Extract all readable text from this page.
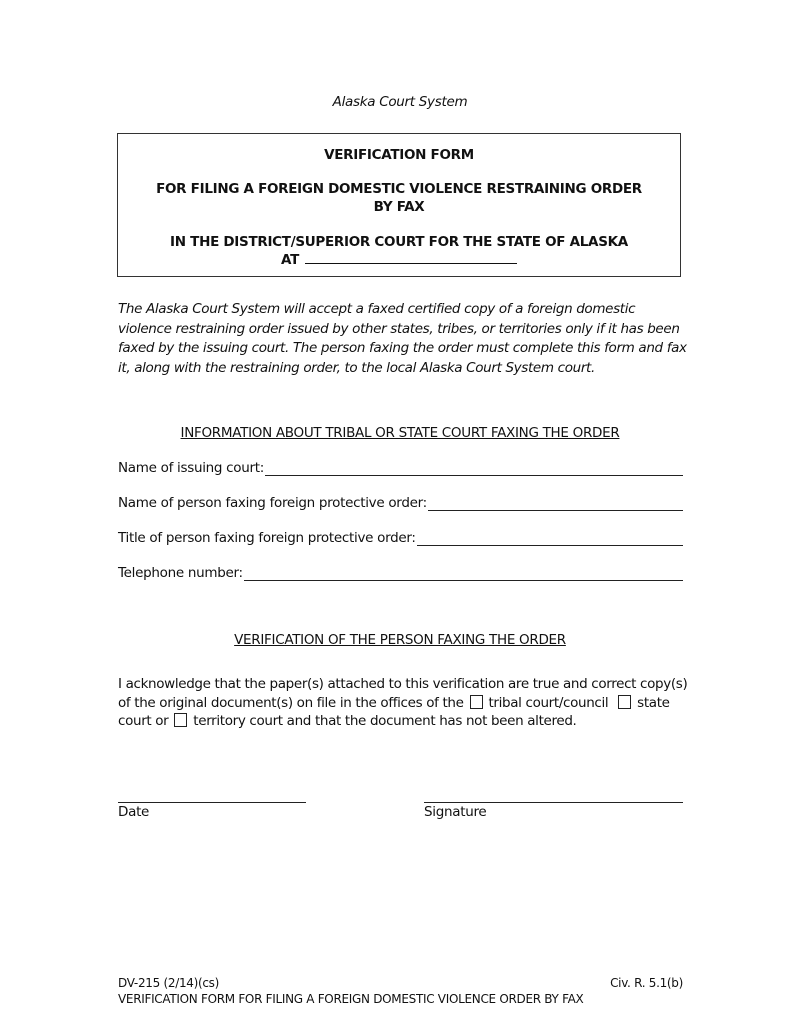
Alaska Court System
VERIFICATION FORM
FOR FILING A FOREIGN DOMESTIC VIOLENCE RESTRAINING ORDER
BY FAX
IN THE DISTRICT/SUPERIOR COURT FOR THE STATE OF ALASKA
AT
The Alaska Court System will accept a faxed certified copy of a foreign domestic violence restraining order issued by other states, tribes, or territories only if it has been faxed by the issuing court. The person faxing the order must complete this form and fax it, along with the restraining order, to the local Alaska Court System court.
INFORMATION ABOUT TRIBAL OR STATE COURT FAXING THE ORDER
Name of issuing court:
Name of person faxing foreign protective order:
Title of person faxing foreign protective order:
Telephone number:
VERIFICATION OF THE PERSON FAXING THE ORDER
I acknowledge that the paper(s) attached to this verification are true and correct copy(s)
of the original document(s) on file in the offices of the tribal court/council state
court or territory court and that the document has not been altered.
Date	Signature
DV-215 (2/14)(cs)	Civ. R. 5.1(b)
VERIFICATION FORM FOR FILING A FOREIGN DOMESTIC VIOLENCE ORDER BY FAX
